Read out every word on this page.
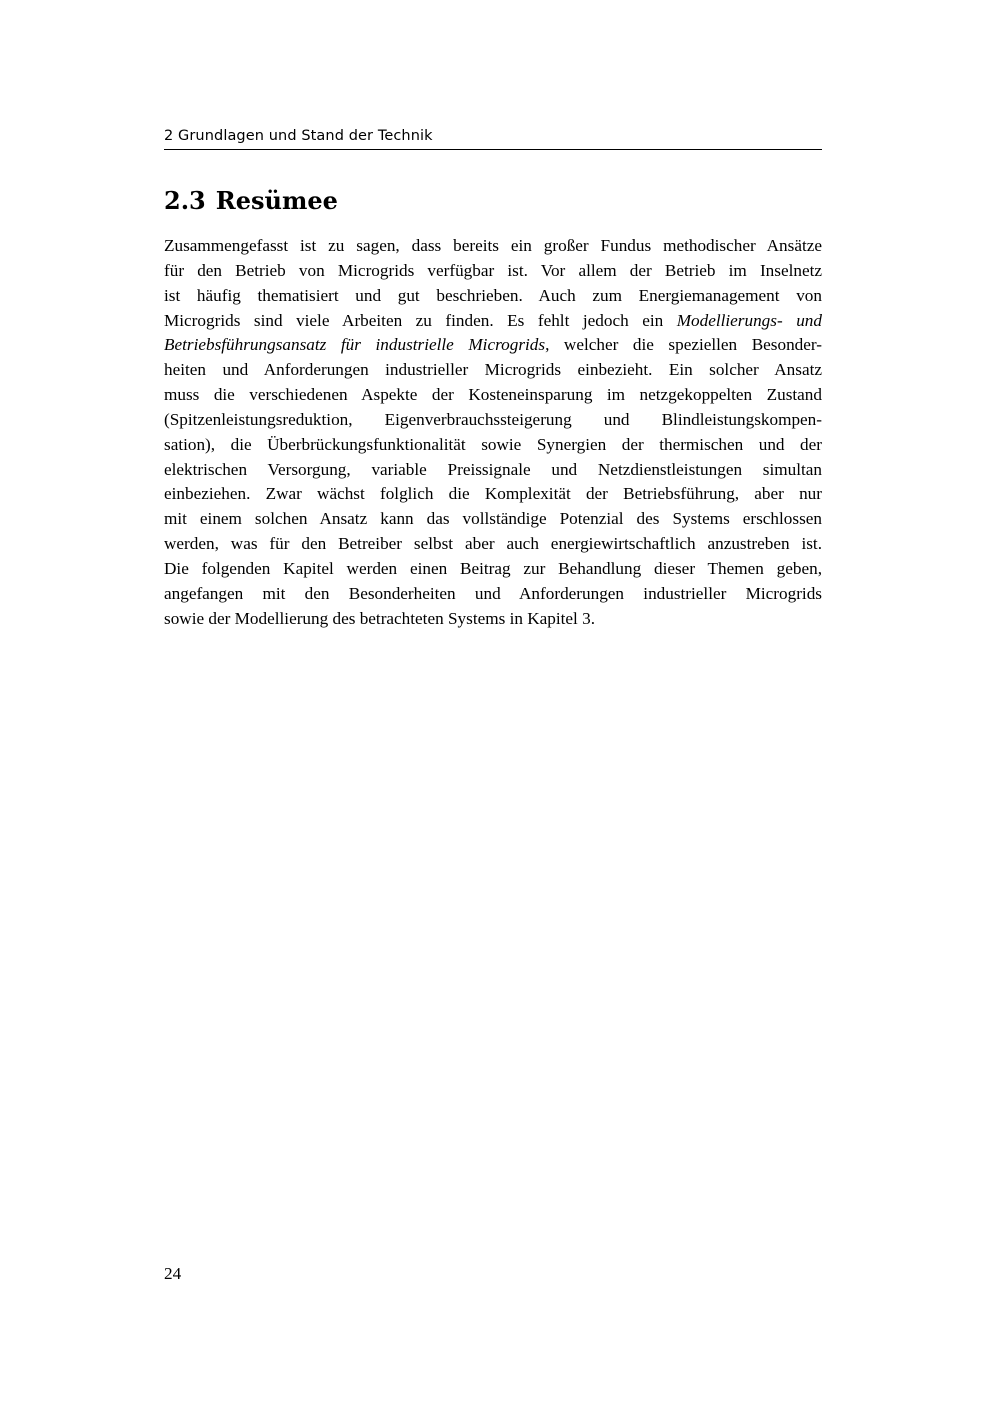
2 Grundlagen und Stand der Technik
2.3 Resümee
Zusammengefasst ist zu sagen, dass bereits ein großer Fundus methodischer Ansätze
für den Betrieb von Microgrids verfügbar ist. Vor allem der Betrieb im Inselnetz
ist häufig thematisiert und gut beschrieben. Auch zum Energiemanagement von
Microgrids sind viele Arbeiten zu finden. Es fehlt jedoch ein Modellierungs- und
Betriebsführungsansatz für industrielle Microgrids, welcher die speziellen Besonder-
heiten und Anforderungen industrieller Microgrids einbezieht. Ein solcher Ansatz
muss die verschiedenen Aspekte der Kosteneinsparung im netzgekoppelten Zustand
(Spitzenleistungsreduktion, Eigenverbrauchssteigerung und Blindleistungskompen-
sation), die Überbrückungsfunktionalität sowie Synergien der thermischen und der
elektrischen Versorgung, variable Preissignale und Netzdienstleistungen simultan
einbeziehen. Zwar wächst folglich die Komplexität der Betriebsführung, aber nur
mit einem solchen Ansatz kann das vollständige Potenzial des Systems erschlossen
werden, was für den Betreiber selbst aber auch energiewirtschaftlich anzustreben ist.
Die folgenden Kapitel werden einen Beitrag zur Behandlung dieser Themen geben,
angefangen mit den Besonderheiten und Anforderungen industrieller Microgrids
sowie der Modellierung des betrachteten Systems in Kapitel 3.
24
